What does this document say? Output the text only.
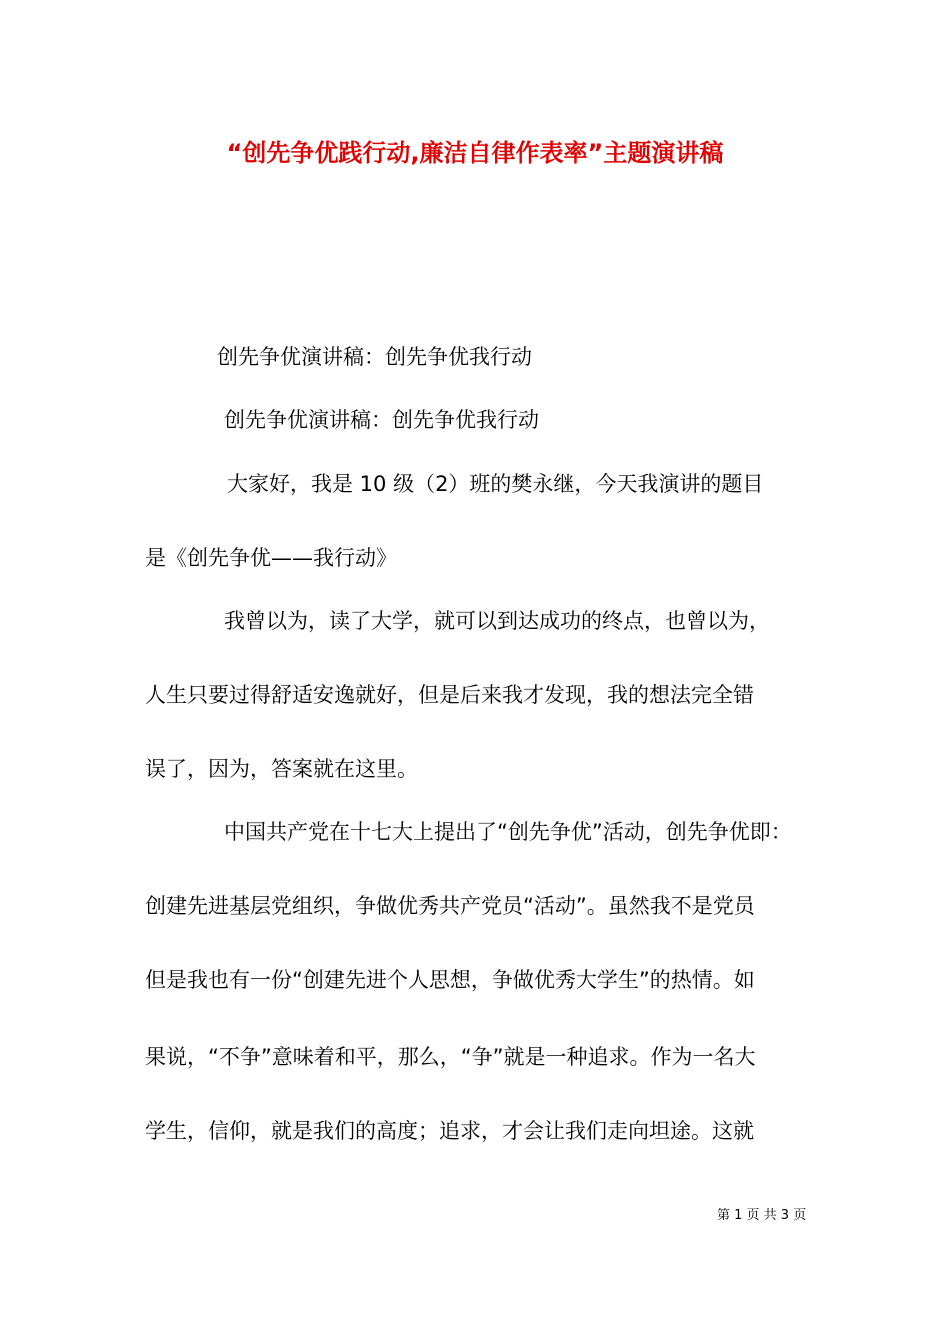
“创先争优践行动,廉洁自律作表率”主题演讲稿
创先争优演讲稿：创先争优我行动
创先争优演讲稿：创先争优我行动
大家好，我是 10 级（2）班的樊永继，今天我演讲的题目
是《创先争优——我行动》
我曾以为，读了大学，就可以到达成功的终点，也曾以为，
人生只要过得舒适安逸就好，但是后来我才发现，我的想法完全错
误了，因为，答案就在这里。
中国共产党在十七大上提出了“创先争优”活动，创先争优即：
创建先进基层党组织，争做优秀共产党员“活动”。虽然我不是党员
但是我也有一份“创建先进个人思想，争做优秀大学生”的热情。如
果说，“不争”意味着和平，那么，“争”就是一种追求。作为一名大
学生，信仰，就是我们的高度；追求，才会让我们走向坦途。这就
第 1 页 共 3 页
